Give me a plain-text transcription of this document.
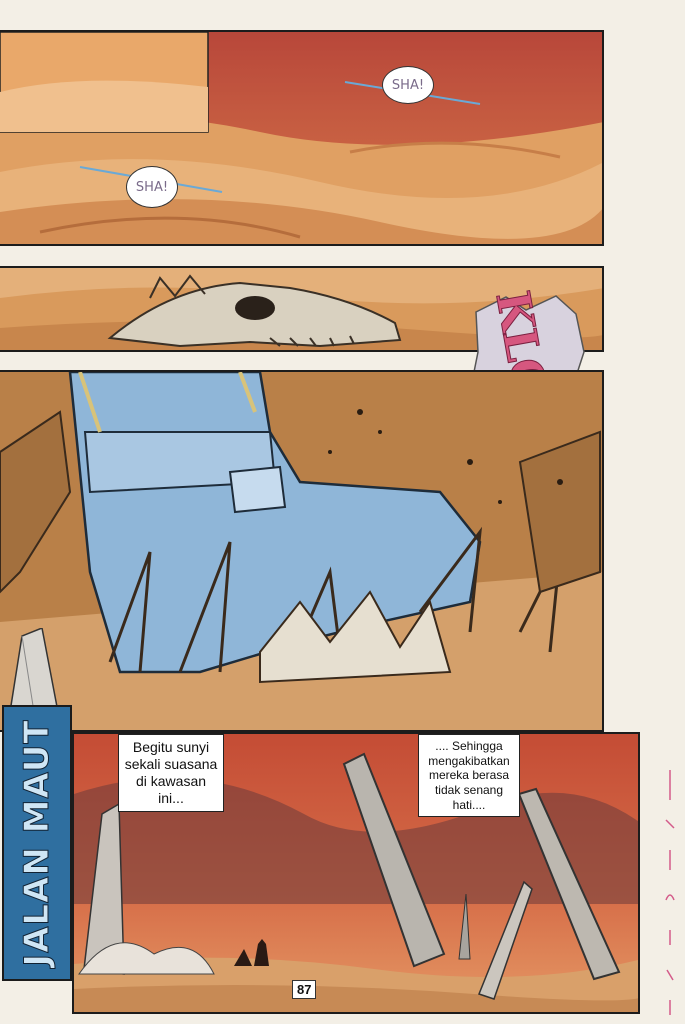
SHA!
SHA!
Begitu sunyi sekali suasana di kawasan ini...
.... Sehingga mengakibatkan mereka berasa tidak senang hati....
JALAN MAUT
87
